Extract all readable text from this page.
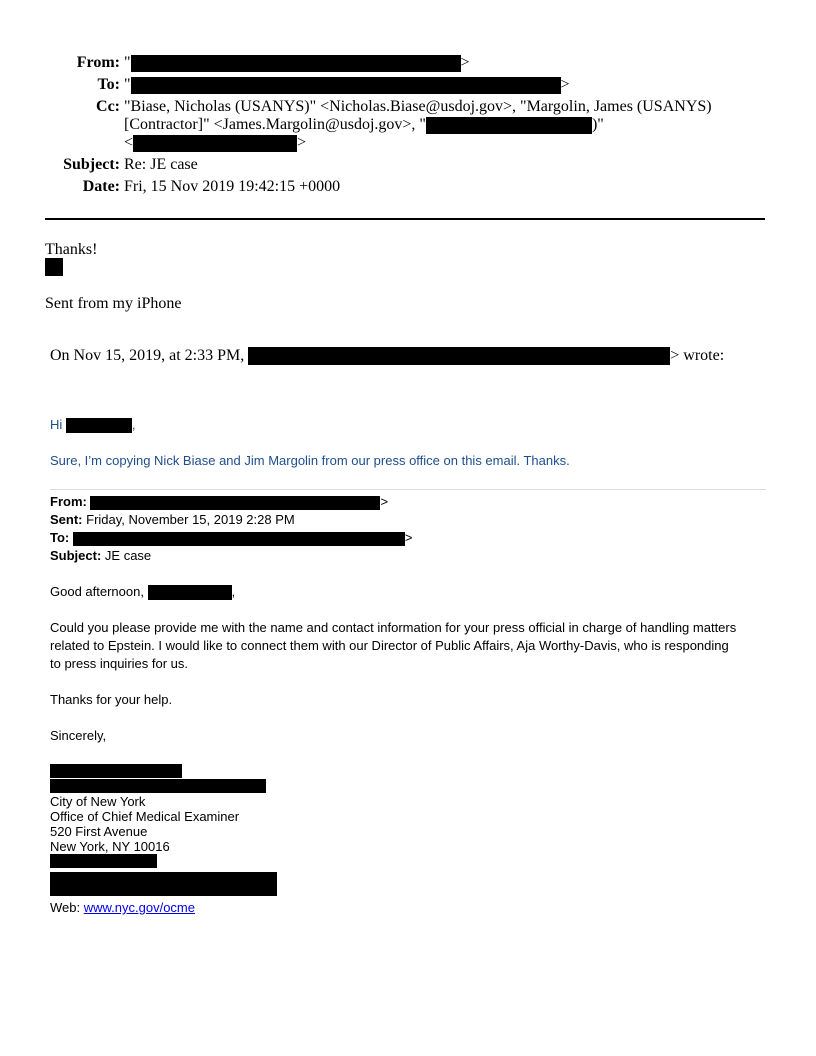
From: "	>
To: "	>
Cc: "Biase, Nicholas (USANYS)" <Nicholas.Biase@usdoj.gov>, "Margolin, James (USANYS)
[Contractor]" <James.Margolin@usdoj.gov>, "	)"
<	>
Subject: Re: JE case
Date: Fri, 15 Nov 2019 19:42:15 +0000
Thanks!
Sent from my iPhone
On Nov 15, 2019, at 2:33 PM,	> wrote:
Hi	,
Sure, I’m copying Nick Biase and Jim Margolin from our press office on this email. Thanks.
From:	>
Sent: Friday, November 15, 2019 2:28 PM
To:	>
Subject: JE case
Good afternoon,	,
Could you please provide me with the name and contact information for your press official in charge of handling matters
related to Epstein. I would like to connect them with our Director of Public Affairs, Aja Worthy-Davis, who is responding
to press inquiries for us.
Thanks for your help.
Sincerely,
City of New York
Office of Chief Medical Examiner
520 First Avenue
New York, NY 10016
Web: www.nyc.gov/ocme
